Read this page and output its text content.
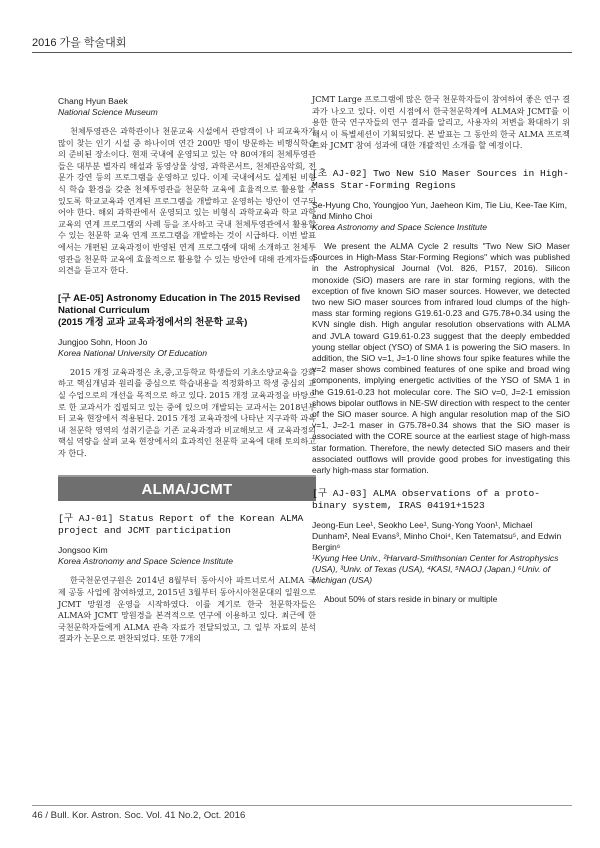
2016 가을 학술대회
Chang Hyun Baek
National Science Museum

천체투영관은 과학관이나 천문교육 시설에서 관람객이 나 피교육자가 많이 찾는 인기 시설 중 하나이며 연간 200만 명이 방문하는 비행식학습의 준비된 장소이다. 현재 국내에 운영되고 있는 약 80여개의 천체투영관들은 대부분 별자리 해설과 동영상물 상영, 과학콘서트, 천체관음악회, 전문가 강연 등의 프로그램을 운영하고 있다. 이제 국내에서도 실계된 비형식 학습 환경을 갖춘 천체투영관을 천문학 교육에 효율적으로 활용할 수 있도록 학교교육과 연계된 프로그램을 개발하고 운영하는 방안이 연구되어야 한다. 해외 과학관에서 운영되고 있는 비형식 과학교육과 학교 과학교육의 연계 프로그램의 사례 등을 조사하고 국내 천체투영관에서 활용할 수 있는 천문학 교육 연계 프로그램을 개발하는 것이 시급하다. 이번 발표에서는 개편된 교육과정이 반영된 연계 프로그램에 대해 소개하고 천체투영관을 천문학 교육에 효율적으로 활용할 수 있는 방안에 대해 관계자들의 의견을 듣고자 한다.

[구 AE-05] Astronomy Education in The 2015 Revised National Curriculum
(2015 개정 교과 교육과정에서의 천문학 교육)
Jungjoo Sohn, Hoon Jo
Korea National University Of Education

2015 개정 교육과정은 초,중,고등학교 학생들의 기초소양교육을 강화하고 핵심개념과 원리를 중심으로 학습내용을 적정화하고 학생 중심의 교실 수업으로의 개선을 목적으로 하고 있다. 2015 개정 교육과정을 바탕으로 한 교과서가 집필되고 있는 중에 있으며 개발되는 교과서는 2018년부터 교육 현장에서 적용된다. 2015 개정 교육과정에 나타난 지구과학 과목 내 천문학 영역의 성취기준을 기존 교육과정과 비교해보고 새 교육과정의 핵심 역량을 살펴 교육 현장에서의 효과적인 천문학 교육에 대해 토의하고자 한다.

ALMA/JCMT
[구 AJ-01] Status Report of the Korean ALMA project and JCMT participation
Jongsoo Kim
Korea Astronomy and Space Science Institute

한국천문연구원은 2014년 8월부터 동아시아 파트너로서 ALMA 국제 공동 사업에 참여하였고, 2015년 3월부터 동아시아천문대의 일원으로 JCMT 망원경 운영을 시작하였다. 이를 계기로 한국 천문학자들은 ALMA와 JCMT 망원경을 본격적으로 연구에 이용하고 있다. 최근에 한국천문학자들에게 ALMA 관측 자료가 전달되었고, 그 일부 자료의 분석 결과가 논문으로 편찬되었다. 또한 7개의

JCMT Large 프로그램에 많은 한국 천문학자들이 참여하여 좋은 연구 결과가 나오고 있다. 이런 시점에서 한국천문학계에 ALMA와 JCMT를 이용한 한국 연구자들의 연구 결과를 알리고, 사용자의 저변을 확대하기 위해서 이 특별세션이 기획되었다. 본 발표는 그 동안의 한국 ALMA 프로젝트와 JCMT 참여 성과에 대한 개괄적인 소개를 할 예정이다.

[초 AJ-02] Two New SiO Maser Sources in High-Mass Star-Forming Regions
Se-Hyung Cho, Youngjoo Yun, Jaeheon Kim, Tie Liu, Kee-Tae Kim, and Minho Choi
Korea Astronomy and Space Science Institute

We present the ALMA Cycle 2 results "Two New SiO Maser Sources in High-Mass Star-Forming Regions" which was published in the Astrophysical Journal (Vol. 826, P157, 2016). Silicon monoxide (SiO) masers are rare in star forming regions, with the exception of five known SiO maser sources. However, we detected two new SiO maser sources from infrared loud clumps of the high-mass star forming regions G19.61-0.23 and G75.78+0.34 using the KVN single dish. High angular resolution observations with ALMA and JVLA toward G19.61-0.23 suggest that the deeply embedded young stellar object (YSO) of SMA 1 is powering the SiO masers. In addition, the SiO v=1, J=1-0 line shows four spike features while the v=2 maser shows combined features of one spike and broad wing components, implying energetic activities of the YSO of SMA 1 in the G19.61-0.23 hot molecular core. The SiO v=0, J=2-1 emission shows bipolar outflows in NE-SW direction with respect to the center of the SiO maser source. A high angular resolution map of the SiO v=1, J=2-1 maser in G75.78+0.34 shows that the SiO maser is associated with the CORE source at the earliest stage of high-mass star formation. Therefore, the newly detected SiO masers and their associated outflows will provide good probes for investigating this early high-mass star formation.

[구 AJ-03] ALMA observations of a proto-binary system, IRAS 04191+1523
Jeong-Eun Lee¹, Seokho Lee¹, Sung-Yong Yoon¹, Michael Dunham², Neal Evans³, Minho Choi⁴, Ken Tatematsu⁵, and Edwin Bergin⁶
¹Kyung Hee Univ., ²Harvard-Smithsonian Center for Astrophysics (USA), ³Univ. of Texas (USA), ⁴KASI, ⁵NAOJ (Japan.) ⁶Univ. of Michigan (USA)

About 50% of stars reside in binary or multiple

46 / Bull. Kor. Astron. Soc. Vol. 41 No.2, Oct. 2016
